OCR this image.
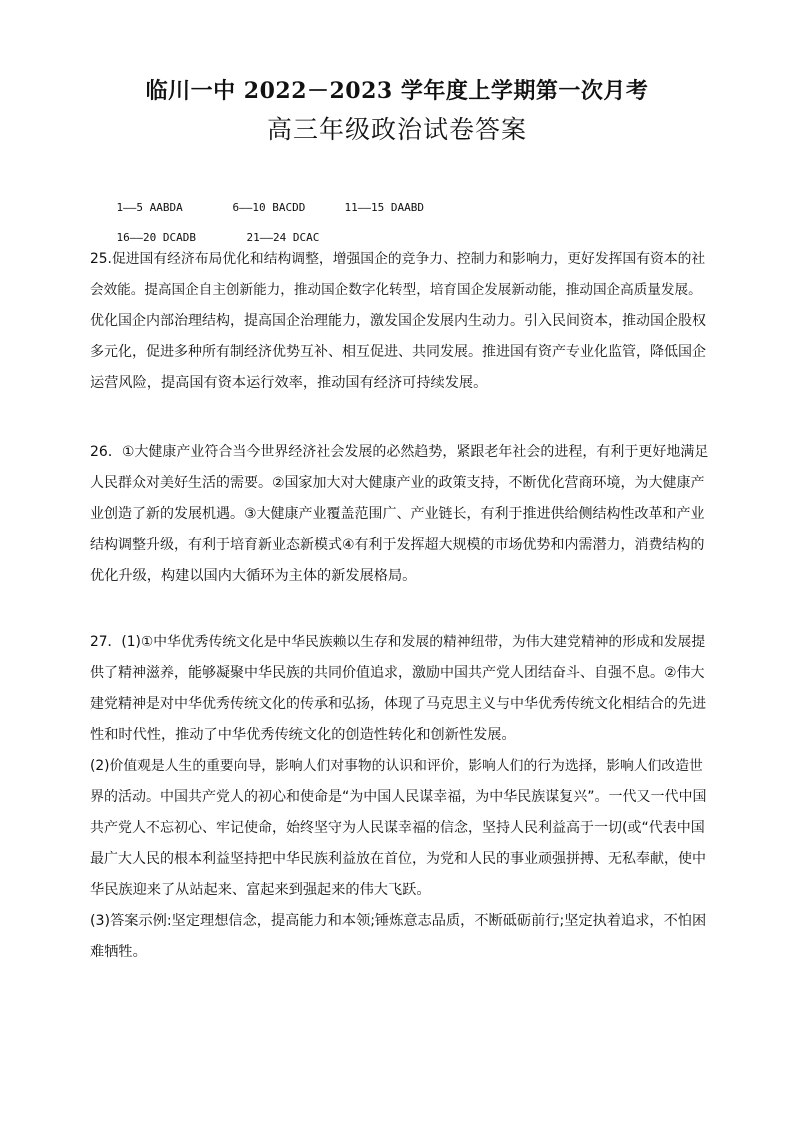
临川一中 2022－2023 学年度上学期第一次月考
高三年级政治试卷答案

1——5 AABDA	6——10 BACDD	11——15 DAABD

16——20 DCADB	21——24 DCAC

25.促进国有经济布局优化和结构调整，增强国企的竞争力、控制力和影响力，更好发挥国有资本的社
会效能。提高国企自主创新能力，推动国企数字化转型，培育国企发展新动能，推动国企高质量发展。
优化国企内部治理结构，提高国企治理能力，激发国企发展内生动力。引入民间资本，推动国企股权
多元化，促进多种所有制经济优势互补、相互促进、共同发展。推进国有资产专业化监管，降低国企
运营风险，提高国有资本运行效率，推动国有经济可持续发展。
26．①大健康产业符合当今世界经济社会发展的必然趋势，紧跟老年社会的进程，有利于更好地满足
人民群众对美好生活的需要。②国家加大对大健康产业的政策支持，不断优化营商环境，为大健康产
业创造了新的发展机遇。③大健康产业覆盖范围广、产业链长，有利于推进供给侧结构性改革和产业
结构调整升级，有利于培育新业态新模式④有利于发挥超大规模的市场优势和内需潜力，消费结构的
优化升级，构建以国内大循环为主体的新发展格局。
27．(1)①中华优秀传统文化是中华民族赖以生存和发展的精神纽带，为伟大建党精神的形成和发展提
供了精神滋养，能够凝聚中华民族的共同价值追求，激励中国共产党人团结奋斗、自强不息。②伟大
建党精神是对中华优秀传统文化的传承和弘扬，体现了马克思主义与中华优秀传统文化相结合的先进
性和时代性，推动了中华优秀传统文化的创造性转化和创新性发展。
(2)价值观是人生的重要向导，影响人们对事物的认识和评价，影响人们的行为选择，影响人们改造世
界的活动。中国共产党人的初心和使命是“为中国人民谋幸福，为中华民族谋复兴”。一代又一代中国
共产党人不忘初心、牢记使命，始终坚守为人民谋幸福的信念，坚持人民利益高于一切(或“代表中国
最广大人民的根本利益坚持把中华民族利益放在首位，为党和人民的事业顽强拼搏、无私奉献，使中
华民族迎来了从站起来、富起来到强起来的伟大飞跃。
(3)答案示例:坚定理想信念，提高能力和本领;锤炼意志品质，不断砥砺前行;坚定执着追求，不怕困
难牺牲。
